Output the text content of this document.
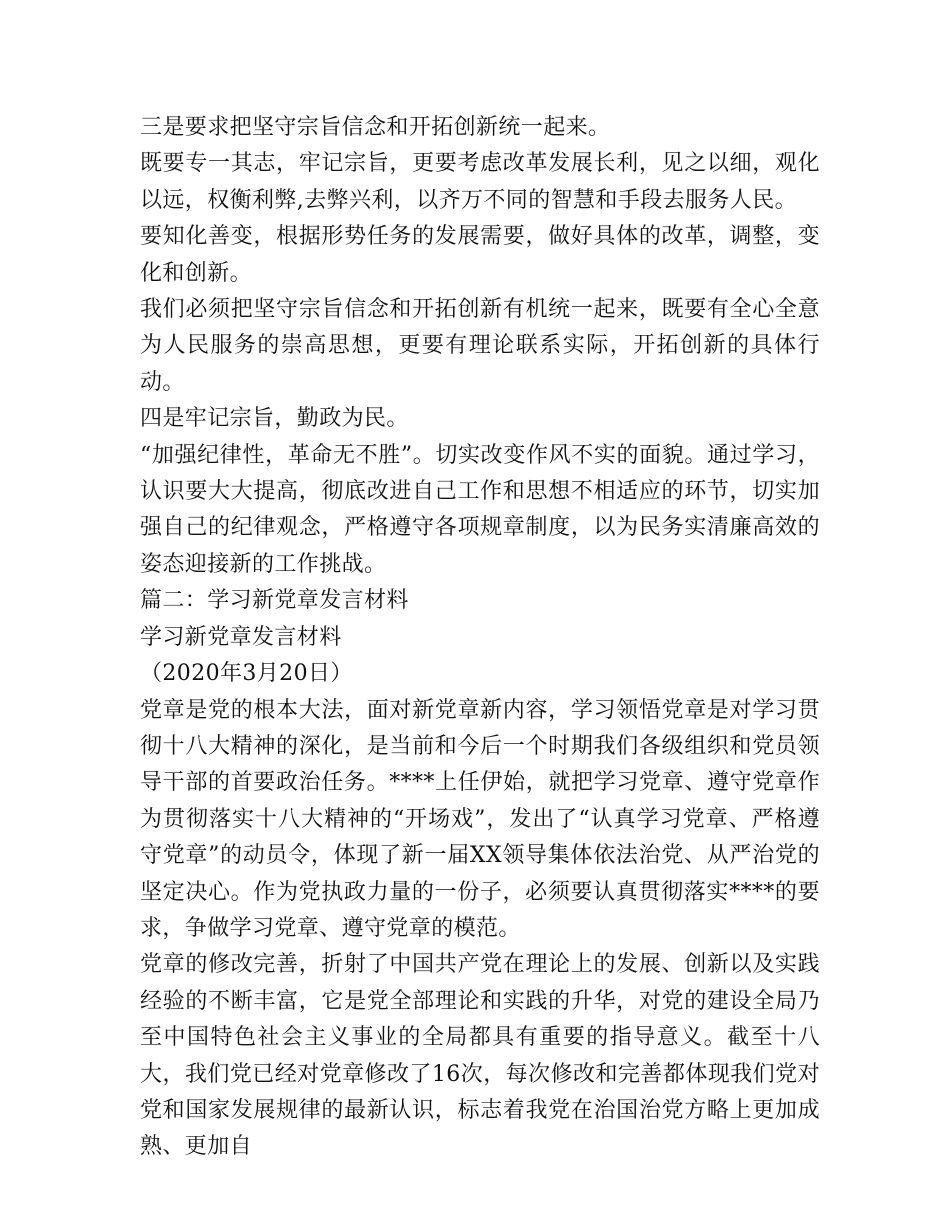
三是要求把坚守宗旨信念和开拓创新统一起来。

既要专一其志，牢记宗旨，更要考虑改革发展长利，见之以细，观化以远，权衡利弊,去弊兴利，以齐万不同的智慧和手段去服务人民。

要知化善变，根据形势任务的发展需要，做好具体的改革，调整，变化和创新。

我们必须把坚守宗旨信念和开拓创新有机统一起来，既要有全心全意为人民服务的崇高思想，更要有理论联系实际，开拓创新的具体行动。

四是牢记宗旨，勤政为民。

“加强纪律性，革命无不胜”。切实改变作风不实的面貌。通过学习，认识要大大提高，彻底改进自己工作和思想不相适应的环节，切实加强自己的纪律观念，严格遵守各项规章制度，以为民务实清廉高效的姿态迎接新的工作挑战。

篇二：学习新党章发言材料

学习新党章发言材料

（2020年3月20日）

党章是党的根本大法，面对新党章新内容，学习领悟党章是对学习贯彻十八大精神的深化，是当前和今后一个时期我们各级组织和党员领导干部的首要政治任务。****上任伊始，就把学习党章、遵守党章作为贯彻落实十八大精神的“开场戏”，发出了“认真学习党章、严格遵守党章”的动员令，体现了新一届XX领导集体依法治党、从严治党的坚定决心。作为党执政力量的一份子，必须要认真贯彻落实****的要求，争做学习党章、遵守党章的模范。

党章的修改完善，折射了中国共产党在理论上的发展、创新以及实践经验的不断丰富，它是党全部理论和实践的升华，对党的建设全局乃至中国特色社会主义事业的全局都具有重要的指导意义。截至十八大，我们党已经对党章修改了16次，每次修改和完善都体现我们党对党和国家发展规律的最新认识，标志着我党在治国治党方略上更加成熟、更加自
